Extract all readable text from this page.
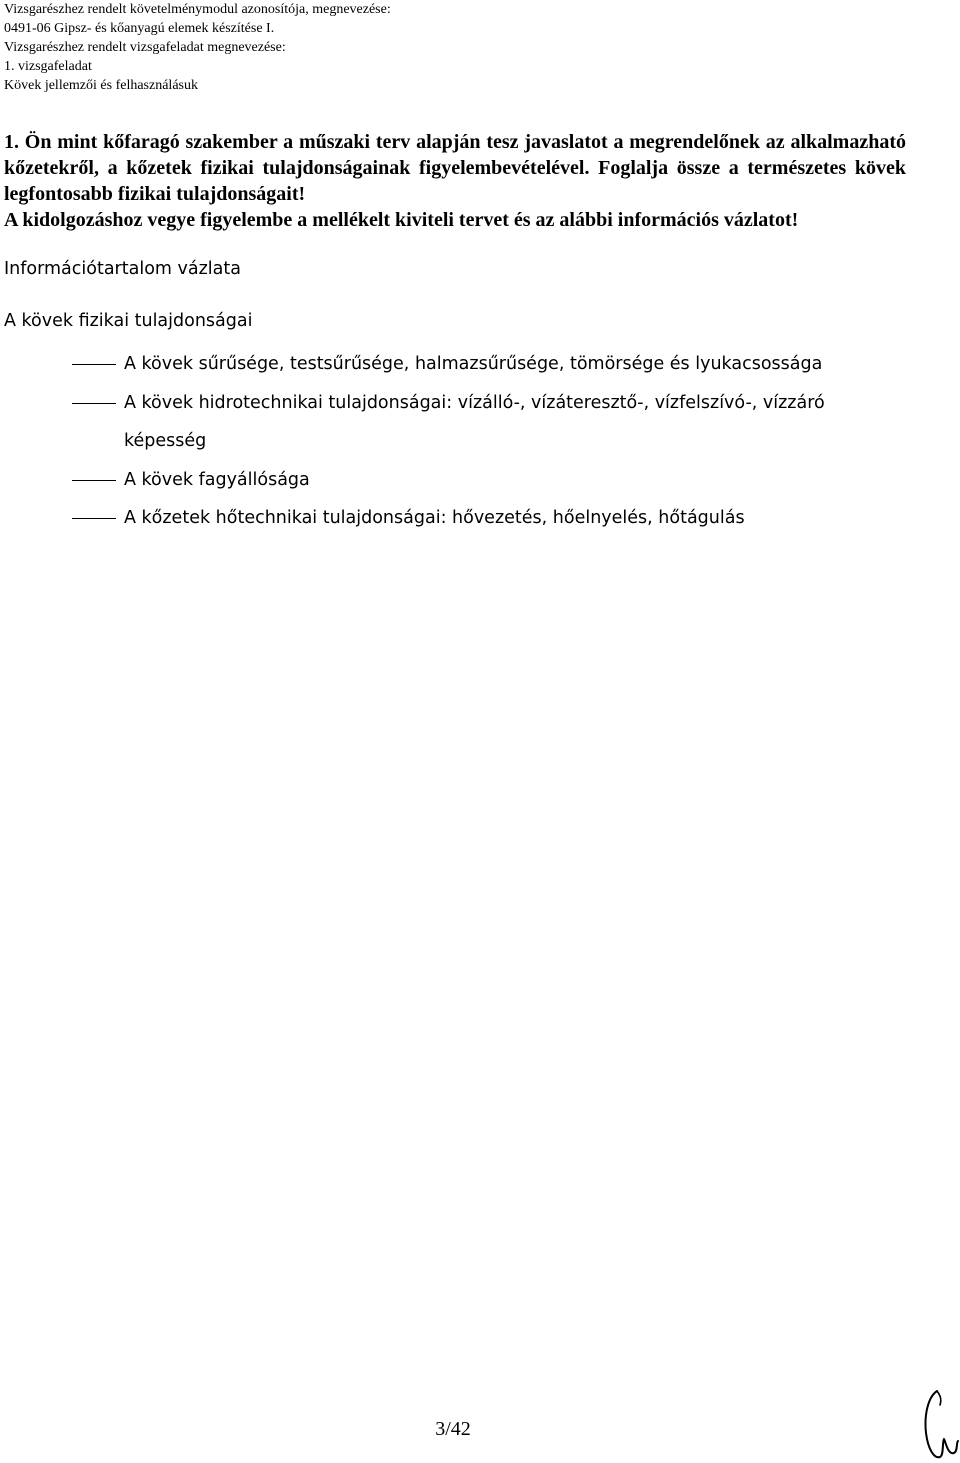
Vizsgarészhez rendelt követelménymodul azonosítója, megnevezése:
0491-06 Gipsz- és kőanyagú elemek készítése I.
Vizsgarészhez rendelt vizsgafeladat megnevezése:
1. vizsgafeladat
Kövek jellemzői és felhasználásuk
1. Ön mint kőfaragó szakember a műszaki terv alapján tesz javaslatot a megrendelőnek az alkalmazható kőzetekről, a kőzetek fizikai tulajdonságainak figyelembevételével. Foglalja össze a természetes kövek legfontosabb fizikai tulajdonságait!
A kidolgozáshoz vegye figyelembe a mellékelt kiviteli tervet és az alábbi információs vázlatot!
Információtartalom vázlata
A kövek fizikai tulajdonságai
A kövek sűrűsége, testsűrűsége, halmazsűrűsége, tömörsége és lyukacsossága
A kövek hidrotechnikai tulajdonságai: vízálló-, vízáteresztő-, vízfelszívó-, vízzáró képesség
A kövek fagyállósága
A kőzetek hőtechnikai tulajdonságai: hővezetés, hőelnyelés, hőtágulás
3/42
